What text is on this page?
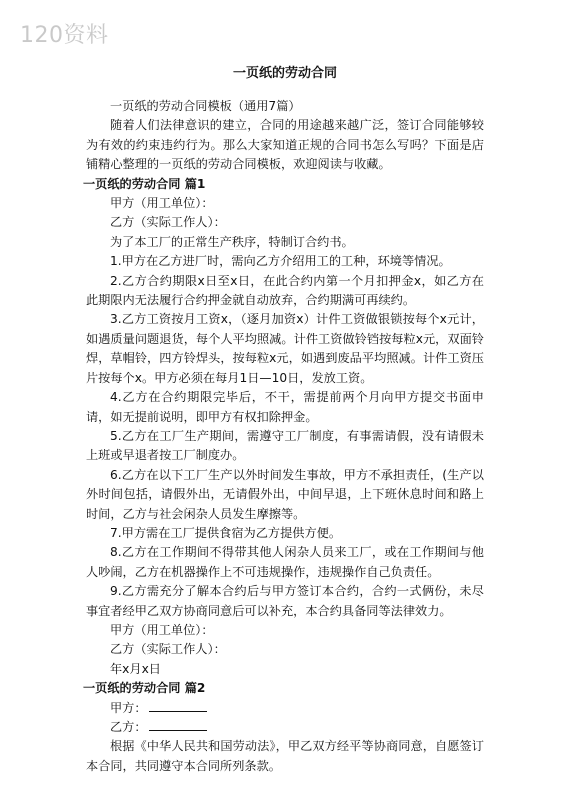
120资料
一页纸的劳动合同

一页纸的劳动合同模板（通用7篇）

随着人们法律意识的建立，合同的用途越来越广泛，签订合同能够较为有效的约束违约行为。那么大家知道正规的合同书怎么写吗？下面是店铺精心整理的一页纸的劳动合同模板，欢迎阅读与收藏。

一页纸的劳动合同 篇1

甲方（用工单位）：

乙方（实际工作人）：

为了本工厂的正常生产秩序，特制订合约书。

1.甲方在乙方进厂时，需向乙方介绍用工的工种，环境等情况。

2.乙方合约期限x日至x日，在此合约内第一个月扣押金x，如乙方在此期限内无法履行合约押金就自动放弃，合约期满可再续约。

3.乙方工资按月工资x，（逐月加资x）计件工资做银锁按每个x元计，如遇质量问题退货，每个人平均照减。计件工资做铃铛按每粒x元，双面铃焊，草帽铃，四方铃焊头，按每粒x元，如遇到废品平均照减。计件工资压片按每个x。甲方必须在每月1日—10日，发放工资。

4.乙方在合约期限完毕后，不干，需提前两个月向甲方提交书面申请，如无提前说明，即甲方有权扣除押金。

5.乙方在工厂生产期间，需遵守工厂制度，有事需请假，没有请假未上班或早退者按工厂制度办。

6.乙方在以下工厂生产以外时间发生事故，甲方不承担责任，(生产以外时间包括，请假外出，无请假外出，中间早退，上下班休息时间和路上时间，乙方与社会闲杂人员发生摩擦等。

7.甲方需在工厂提供食宿为乙方提供方便。

8.乙方在工作期间不得带其他人闲杂人员来工厂，或在工作期间与他人吵闹，乙方在机器操作上不可违规操作，违规操作自己负责任。

9.乙方需充分了解本合约后与甲方签订本合约，合约一式俩份，未尽事宜者经甲乙双方协商同意后可以补充，本合约具备同等法律效力。

甲方（用工单位）：

乙方（实际工作人）：

年x月x日

一页纸的劳动合同 篇2

甲方：

乙方：

根据《中华人民共和国劳动法》，甲乙双方经平等协商同意，自愿签订本合同，共同遵守本合同所列条款。
